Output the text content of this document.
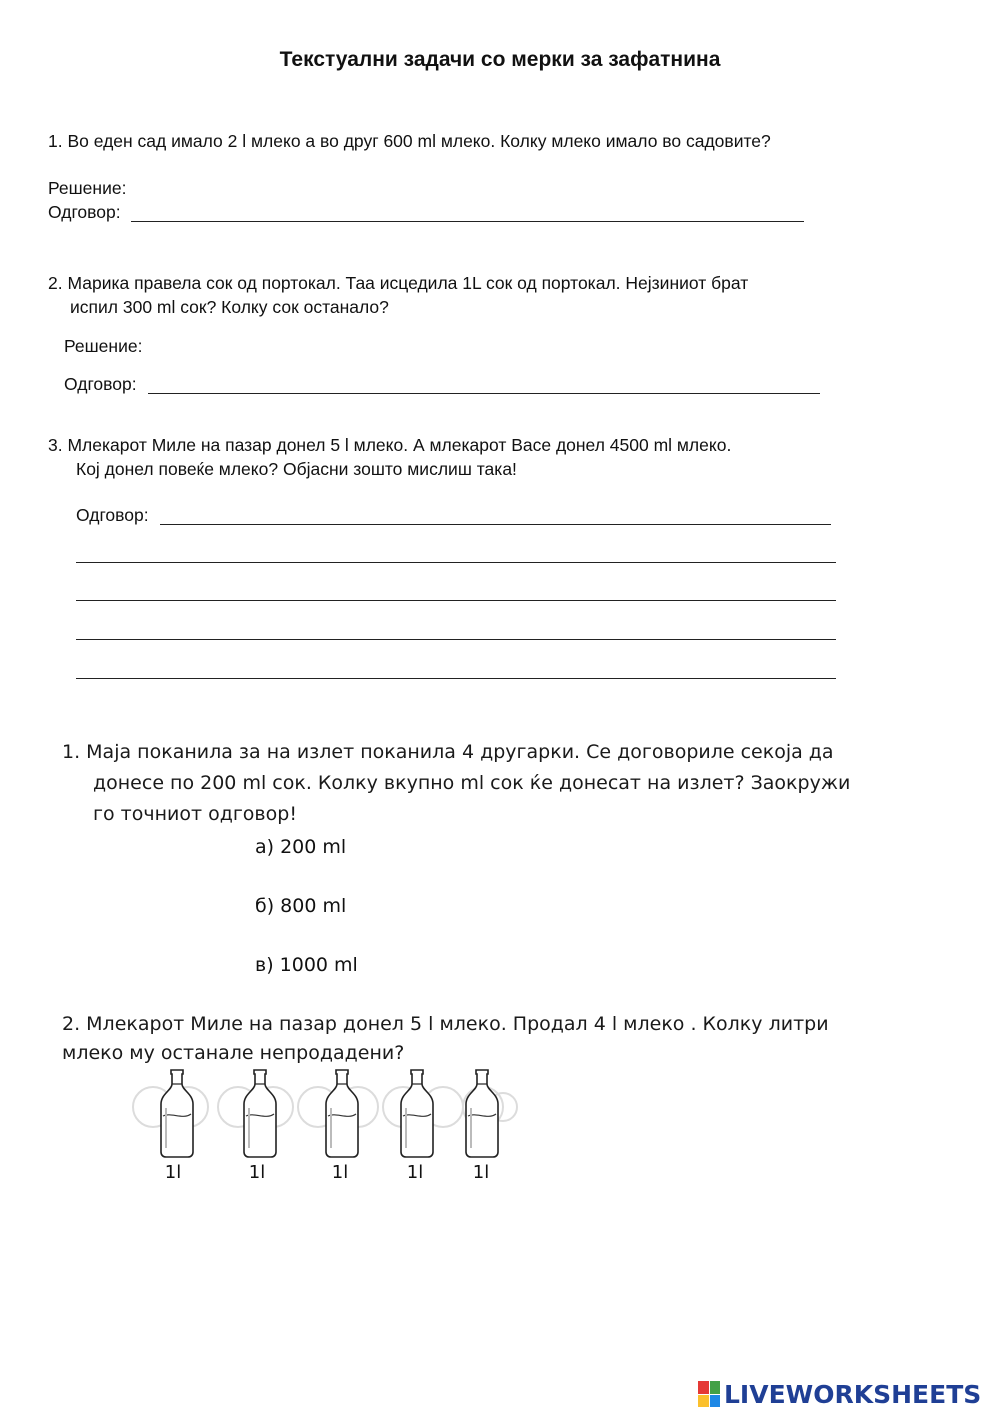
Текстуални задачи со мерки за зафатнина
1. Во еден сад имало 2 l млеко а во друг 600 ml млеко. Колку млеко имало во садовите?
Решение:
Одговор:
2. Марика правела сок од портокал. Таа исцедила 1L сок од портокал. Нејзиниот брат
испил 300 ml сок? Колку сок останало?
Решение:
Одговор:
3. Млекарот Миле на пазар донел 5 l млеко. А млекарот Васе донел 4500 ml млеко.
Кој донел повеќе млеко? Објасни зошто мислиш така!
Одговор:
1. Маја поканила за на излет поканила 4 другарки. Се договориле секоја да
донесе по 200 ml сок. Колку вкупно ml сок ќе донесат на излет? Заокружи
го точниот одговор!
а) 200 ml
б) 800 ml
в) 1000 ml
2. Млекарот Миле на пазар донел 5 l млеко. Продал 4 l млеко . Колку литри
млеко му останале непродадени?
1l	1l	1l	1l	1l
LIVEWORKSHEETS
